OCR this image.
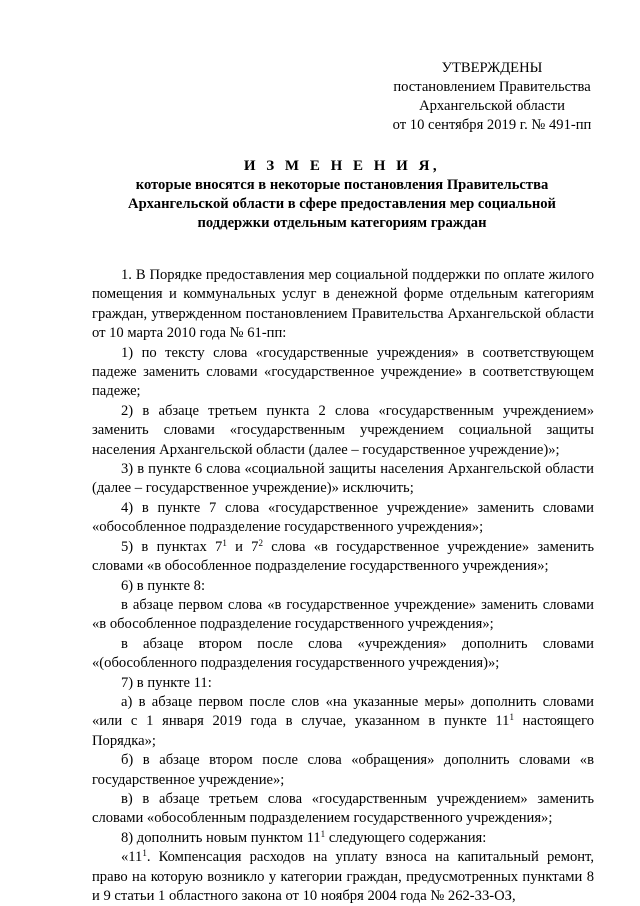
УТВЕРЖДЕНЫ
постановлением Правительства
Архангельской области
от 10 сентября 2019 г. № 491-пп
И З М Е Н Е Н И Я,
которые вносятся в некоторые постановления Правительства
Архангельской области в сфере предоставления мер социальной
поддержки отдельным категориям граждан

1. В Порядке предоставления мер социальной поддержки по оплате жилого помещения и коммунальных услуг в денежной форме отдельным категориям граждан, утвержденном постановлением Правительства Архангельской области от 10 марта 2010 года № 61-пп:

1) по тексту слова «государственные учреждения» в соответствующем падеже заменить словами «государственное учреждение» в соответствующем падеже;

2) в абзаце третьем пункта 2 слова «государственным учреждением» заменить словами «государственным учреждением социальной защиты населения Архангельской области (далее – государственное учреждение)»;

3) в пункте 6 слова «социальной защиты населения Архангельской области (далее – государственное учреждение)» исключить;

4) в пункте 7 слова «государственное учреждение» заменить словами «обособленное подразделение государственного учреждения»;

5) в пунктах $7^1$ и $7^2$ слова «в государственное учреждение» заменить словами «в обособленное подразделение государственного учреждения»;

6) в пункте 8:

в абзаце первом слова «в государственное учреждение» заменить словами «в обособленное подразделение государственного учреждения»;

в абзаце втором после слова «учреждения» дополнить словами «(обособленного подразделения государственного учреждения)»;

7) в пункте 11:

а) в абзаце первом после слов «на указанные меры» дополнить словами «или с 1 января 2019 года в случае, указанном в пункте $11^1$ настоящего Порядка»;

б) в абзаце втором после слова «обращения» дополнить словами «в государственное учреждение»;

в) в абзаце третьем слова «государственным учреждением» заменить словами «обособленным подразделением государственного учреждения»;

8) дополнить новым пунктом $11^1$ следующего содержания:

«$11^1$. Компенсация расходов на уплату взноса на капитальный ремонт, право на которую возникло у категории граждан, предусмотренных пунктами 8 и 9 статьи 1 областного закона от 10 ноября 2004 года № 262-33-ОЗ,
